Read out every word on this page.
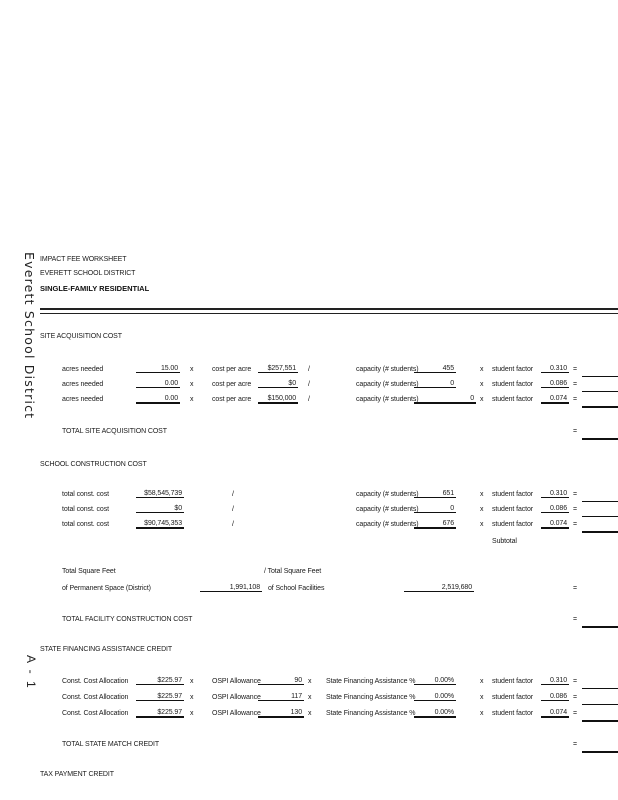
Everett School District
A - 1
IMPACT FEE WORKSHEET
EVERETT SCHOOL DISTRICT
SINGLE-FAMILY RESIDENTIAL
SITE ACQUISITION COST
acres needed	15.00 x	cost per acre	$257,551 /	capacity (# students)	455	x student factor	0.310 =
acres needed	0.00 x	cost per acre	$0 /	capacity (# students)	0	x student factor	0.086 =
acres needed	0.00 x	cost per acre	$150,000 /	capacity (# students)	0 x student factor	0.074 =
TOTAL SITE ACQUISITION COST	=
SCHOOL CONSTRUCTION COST
total const. cost	$58,545,739	/	capacity (# students)	651	x student factor	0.310 =
total const. cost	$0	/	capacity (# students)	0	x student factor	0.086 =
total const. cost	$90,745,353	/	capacity (# students)	676	x student factor	0.074 =
Subtotal
Total Square Feet
of Permanent Space (District)	1,991,108
/ Total Square Feet
of School Facilities	2,519,680	=
TOTAL FACILITY CONSTRUCTION COST	=
STATE FINANCING ASSISTANCE CREDIT
Const. Cost Allocation	$225.97 x	OSPI Allowance	90 x State Financing Assistance %	0.00%	x student factor	0.310 =
Const. Cost Allocation	$225.97 x	OSPI Allowance	117 x State Financing Assistance %	0.00%	x student factor	0.086 =
Const. Cost Allocation	$225.97 x	OSPI Allowance	130 x State Financing Assistance %	0.00%	x student factor	0.074 =
TOTAL STATE MATCH CREDIT	=
TAX PAYMENT CREDIT
